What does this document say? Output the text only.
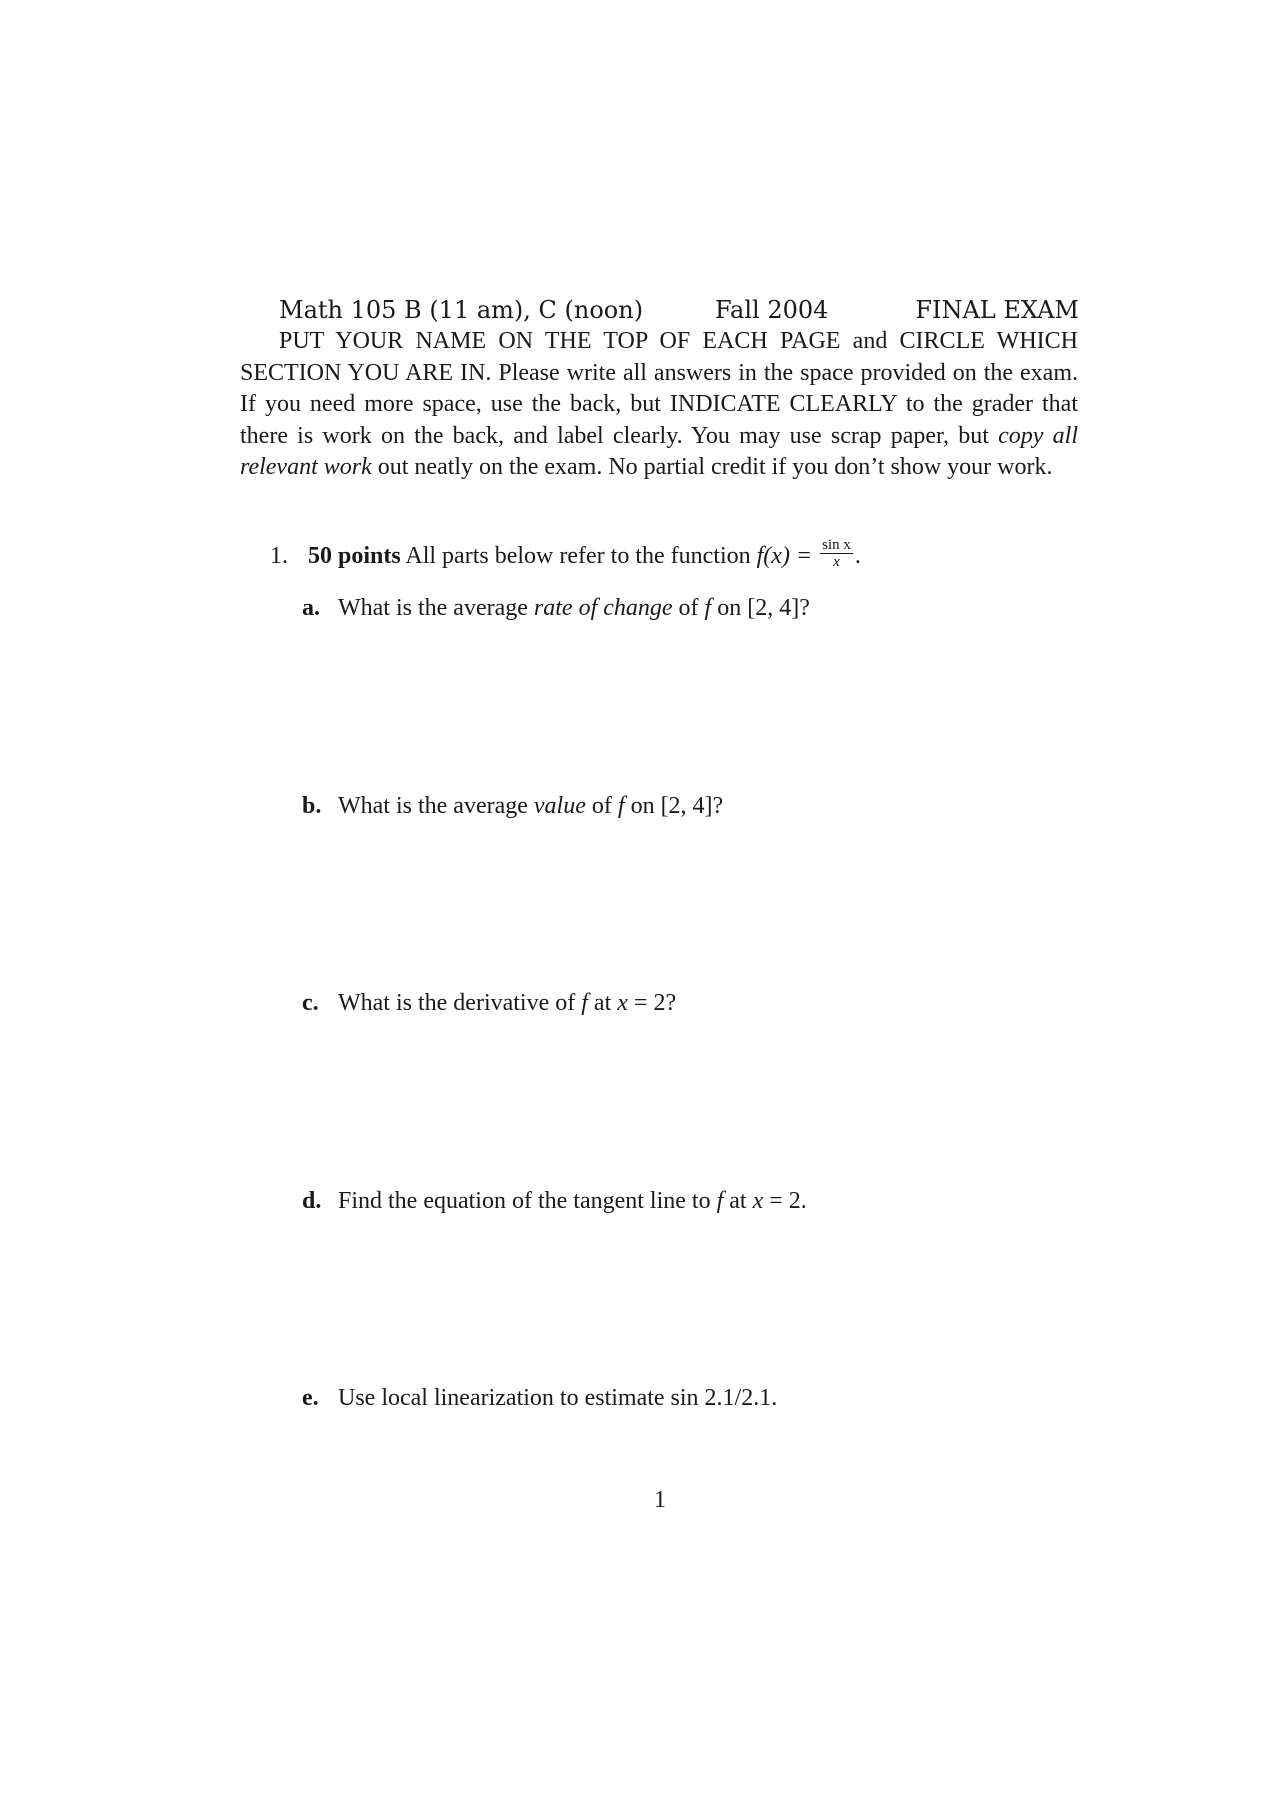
Math 105 B (11 am), C (noon)	Fall 2004	FINAL EXAM
PUT YOUR NAME ON THE TOP OF EACH PAGE and CIRCLE WHICH SECTION YOU ARE IN. Please write all answers in the space provided on the exam. If you need more space, use the back, but INDICATE CLEARLY to the grader that there is work on the back, and label clearly. You may use scrap paper, but copy all relevant work out neatly on the exam. No partial credit if you don’t show your work.
1. 50 points All parts below refer to the function $f(x) = \frac{\text{sin x}}{x}$ .
a. What is the average rate of change of f on [2, 4]?
b. What is the average value of f on [2, 4]?
c. What is the derivative of f at x = 2?
d. Find the equation of the tangent line to f at x = 2.
e. Use local linearization to estimate sin 2.1/2.1.
1
